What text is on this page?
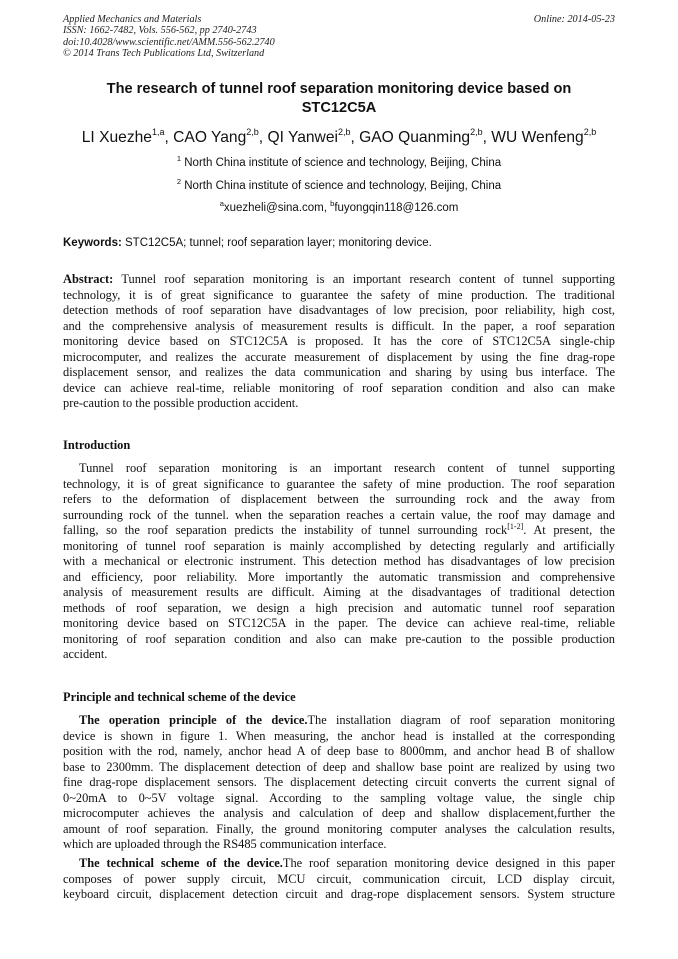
Applied Mechanics and Materials
ISSN: 1662-7482, Vols. 556-562, pp 2740-2743
doi:10.4028/www.scientific.net/AMM.556-562.2740
© 2014 Trans Tech Publications Ltd, Switzerland
Online: 2014-05-23
The research of tunnel roof separation monitoring device based on
STC12C5A
LI Xuezhe$^{1,a}$, CAO Yang$^{2,b}$, QI Yanwei$^{2,b}$, GAO Quanming$^{2,b}$, WU Wenfeng$^{2,b}$
$^1$ North China institute of science and technology, Beijing, China
$^2$ North China institute of science and technology, Beijing, China
$^a$xuezheli@sina.com, $^b$fuyongqin118@126.com
Keywords: STC12C5A; tunnel; roof separation layer; monitoring device.
Abstract: Tunnel roof separation monitoring is an important research content of tunnel supporting
technology, it is of great significance to guarantee the safety of mine production. The traditional
detection methods of roof separation have disadvantages of low precision, poor reliability, high cost,
and the comprehensive analysis of measurement results is difficult. In the paper, a roof separation
monitoring device based on STC12C5A is proposed. It has the core of STC12C5A single-chip
microcomputer, and realizes the accurate measurement of displacement by using the fine drag-rope
displacement sensor, and realizes the data communication and sharing by using bus interface. The
device can achieve real-time, reliable monitoring of roof separation condition and also can make
pre-caution to the possible production accident.
Introduction
Tunnel roof separation monitoring is an important research content of tunnel supporting
technology, it is of great significance to guarantee the safety of mine production. The roof separation
refers to the deformation of displacement between the surrounding rock and the away from
surrounding rock of the tunnel. when the separation reaches a certain value, the roof may damage and
falling, so the roof separation predicts the instability of tunnel surrounding rock[1-2]. At present, the
monitoring of tunnel roof separation is mainly accomplished by detecting regularly and artificially
with a mechanical or electronic instrument. This detection method has disadvantages of low precision
and efficiency, poor reliability. More importantly the automatic transmission and comprehensive
analysis of measurement results are difficult. Aiming at the disadvantages of traditional detection
methods of roof separation, we design a high precision and automatic tunnel roof separation
monitoring device based on STC12C5A in the paper. The device can achieve real-time, reliable
monitoring of roof separation condition and also can make pre-caution to the possible production
accident.
Principle and technical scheme of the device
The operation principle of the device.The installation diagram of roof separation monitoring
device is shown in figure 1. When measuring, the anchor head is installed at the corresponding
position with the rod, namely, anchor head A of deep base to 8000mm, and anchor head B of shallow
base to 2300mm. The displacement detection of deep and shallow base point are realized by using two
fine drag-rope displacement sensors. The displacement detecting circuit converts the current signal of
0~20mA to 0~5V voltage signal. According to the sampling voltage value, the single chip
microcomputer achieves the analysis and calculation of deep and shallow displacement,further the
amount of roof separation. Finally, the ground monitoring computer analyses the calculation results,
which are uploaded through the RS485 communication interface.
The technical scheme of the device.The roof separation monitoring device designed in this paper
composes of power supply circuit, MCU circuit, communication circuit, LCD display circuit,
keyboard circuit, displacement detection circuit and drag-rope displacement sensors. System structure
